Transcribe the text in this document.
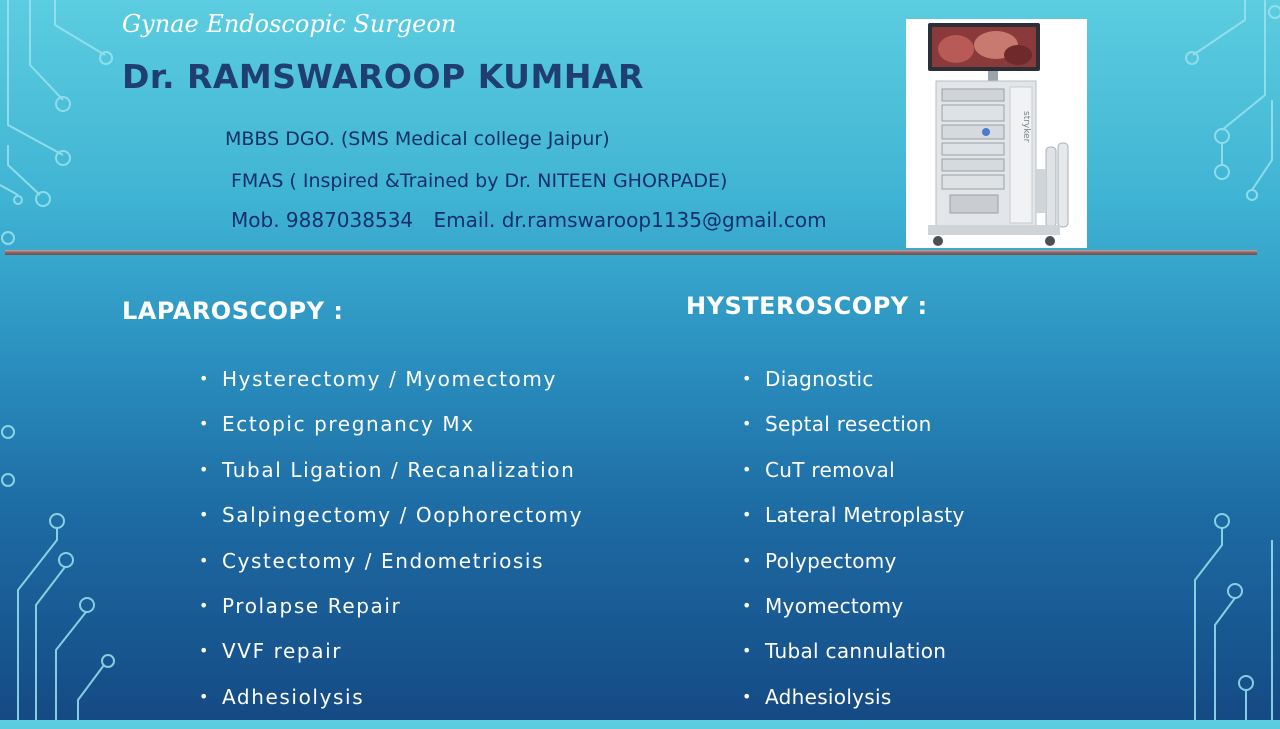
Gynae Endoscopic Surgeon
Dr. RAMSWAROOP KUMHAR
MBBS DGO. (SMS Medical college Jaipur)
FMAS ( Inspired &Trained by Dr. NITEEN GHORPADE)
Mob. 9887038534 Email. dr.ramswaroop1135@gmail.com
stryker
LAPAROSCOPY :	HYSTEROSCOPY :
• Hysterectomy / Myomectomy
• Ectopic pregnancy Mx
• Tubal Ligation / Recanalization
• Salpingectomy / Oophorectomy
• Cystectomy / Endometriosis
• Prolapse Repair
• VVF repair
• Adhesiolysis
• Diagnostic
• Septal resection
• CuT removal
• Lateral Metroplasty
• Polypectomy
• Myomectomy
• Tubal cannulation
• Adhesiolysis
